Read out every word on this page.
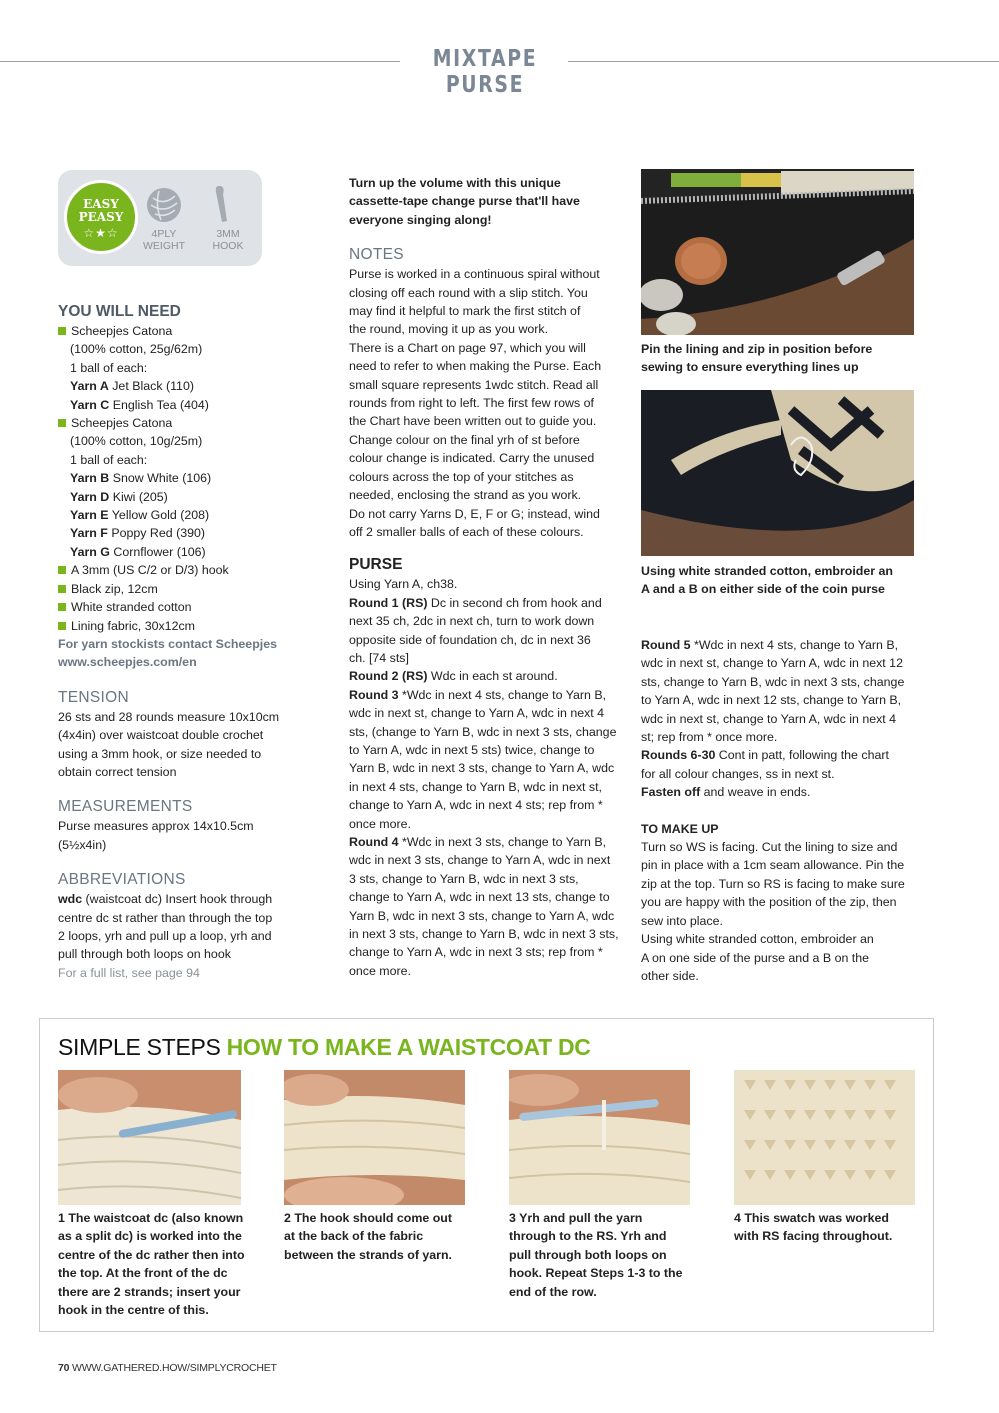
MIXTAPE PURSE
EASY
PEASY
☆★☆	4PLY
WEIGHT
3MM
HOOK

YOU WILL NEED

Scheepjes Catona

(100% cotton, 25g/62m)

1 ball of each:

Yarn A Jet Black (110)

Yarn C English Tea (404)

Scheepjes Catona

(100% cotton, 10g/25m)

1 ball of each:

Yarn B Snow White (106)

Yarn D Kiwi (205)

Yarn E Yellow Gold (208)

Yarn F Poppy Red (390)

Yarn G Cornflower (106)

A 3mm (US C/2 or D/3) hook
Black zip, 12cm
White stranded cotton
Lining fabric, 30x12cm

For yarn stockists contact Scheepjes

www.scheepjes.com/en

TENSION

26 sts and 28 rounds measure 10x10cm

(4x4in) over waistcoat double crochet

using a 3mm hook, or size needed to

obtain correct tension

MEASUREMENTS

Purse measures approx 14x10.5cm

(5½x4in)

ABBREVIATIONS

wdc (waistcoat dc) Insert hook through

centre dc st rather than through the top

2 loops, yrh and pull up a loop, yrh and

pull through both loops on hook

For a full list, see page 94

Turn up the volume with this unique

cassette-tape change purse that'll have

everyone singing along!

NOTES

Purse is worked in a continuous spiral without

closing off each round with a slip stitch. You

may find it helpful to mark the first stitch of

the round, moving it up as you work.

There is a Chart on page 97, which you will

need to refer to when making the Purse. Each

small square represents 1wdc stitch. Read all

rounds from right to left. The first few rows of

the Chart have been written out to guide you.

Change colour on the final yrh of st before

colour change is indicated. Carry the unused

colours across the top of your stitches as

needed, enclosing the strand as you work.

Do not carry Yarns D, E, F or G; instead, wind

off 2 smaller balls of each of these colours.

PURSE

Using Yarn A, ch38.

Round 1 (RS) Dc in second ch from hook and

next 35 ch, 2dc in next ch, turn to work down

opposite side of foundation ch, dc in next 36

ch. [74 sts]

Round 2 (RS) Wdc in each st around.

Round 3 *Wdc in next 4 sts, change to Yarn B,

wdc in next st, change to Yarn A, wdc in next 4

sts, (change to Yarn B, wdc in next 3 sts, change

to Yarn A, wdc in next 5 sts) twice, change to

Yarn B, wdc in next 3 sts, change to Yarn A, wdc

in next 4 sts, change to Yarn B, wdc in next st,

change to Yarn A, wdc in next 4 sts; rep from *

once more.

Round 4 *Wdc in next 3 sts, change to Yarn B,

wdc in next 3 sts, change to Yarn A, wdc in next

3 sts, change to Yarn B, wdc in next 3 sts,

change to Yarn A, wdc in next 13 sts, change to

Yarn B, wdc in next 3 sts, change to Yarn A, wdc

in next 3 sts, change to Yarn B, wdc in next 3 sts,

change to Yarn A, wdc in next 3 sts; rep from *

once more.

Pin the lining and zip in position before
sewing to ensure everything lines up

Using white stranded cotton, embroider an
A and a B on either side of the coin purse

Round 5 *Wdc in next 4 sts, change to Yarn B,

wdc in next st, change to Yarn A, wdc in next 12

sts, change to Yarn B, wdc in next 3 sts, change

to Yarn A, wdc in next 12 sts, change to Yarn B,

wdc in next st, change to Yarn A, wdc in next 4

st; rep from * once more.

Rounds 6-30 Cont in patt, following the chart

for all colour changes, ss in next st.

Fasten off and weave in ends.

TO MAKE UP

Turn so WS is facing. Cut the lining to size and

pin in place with a 1cm seam allowance. Pin the

zip at the top. Turn so RS is facing to make sure

you are happy with the position of the zip, then

sew into place.

Using white stranded cotton, embroider an

A on one side of the purse and a B on the

other side.

SIMPLE STEPS HOW TO MAKE A WAISTCOAT DC
1 The waistcoat dc (also known
as a split dc) is worked into the
centre of the dc rather then into
the top. At the front of the dc
there are 2 strands; insert your
hook in the centre of this.
2 The hook should come out
at the back of the fabric
between the strands of yarn.
3 Yrh and pull the yarn
through to the RS. Yrh and
pull through both loops on
hook. Repeat Steps 1-3 to the
end of the row.
4 This swatch was worked
with RS facing throughout.
70 WWW.GATHERED.HOW/SIMPLYCROCHET
